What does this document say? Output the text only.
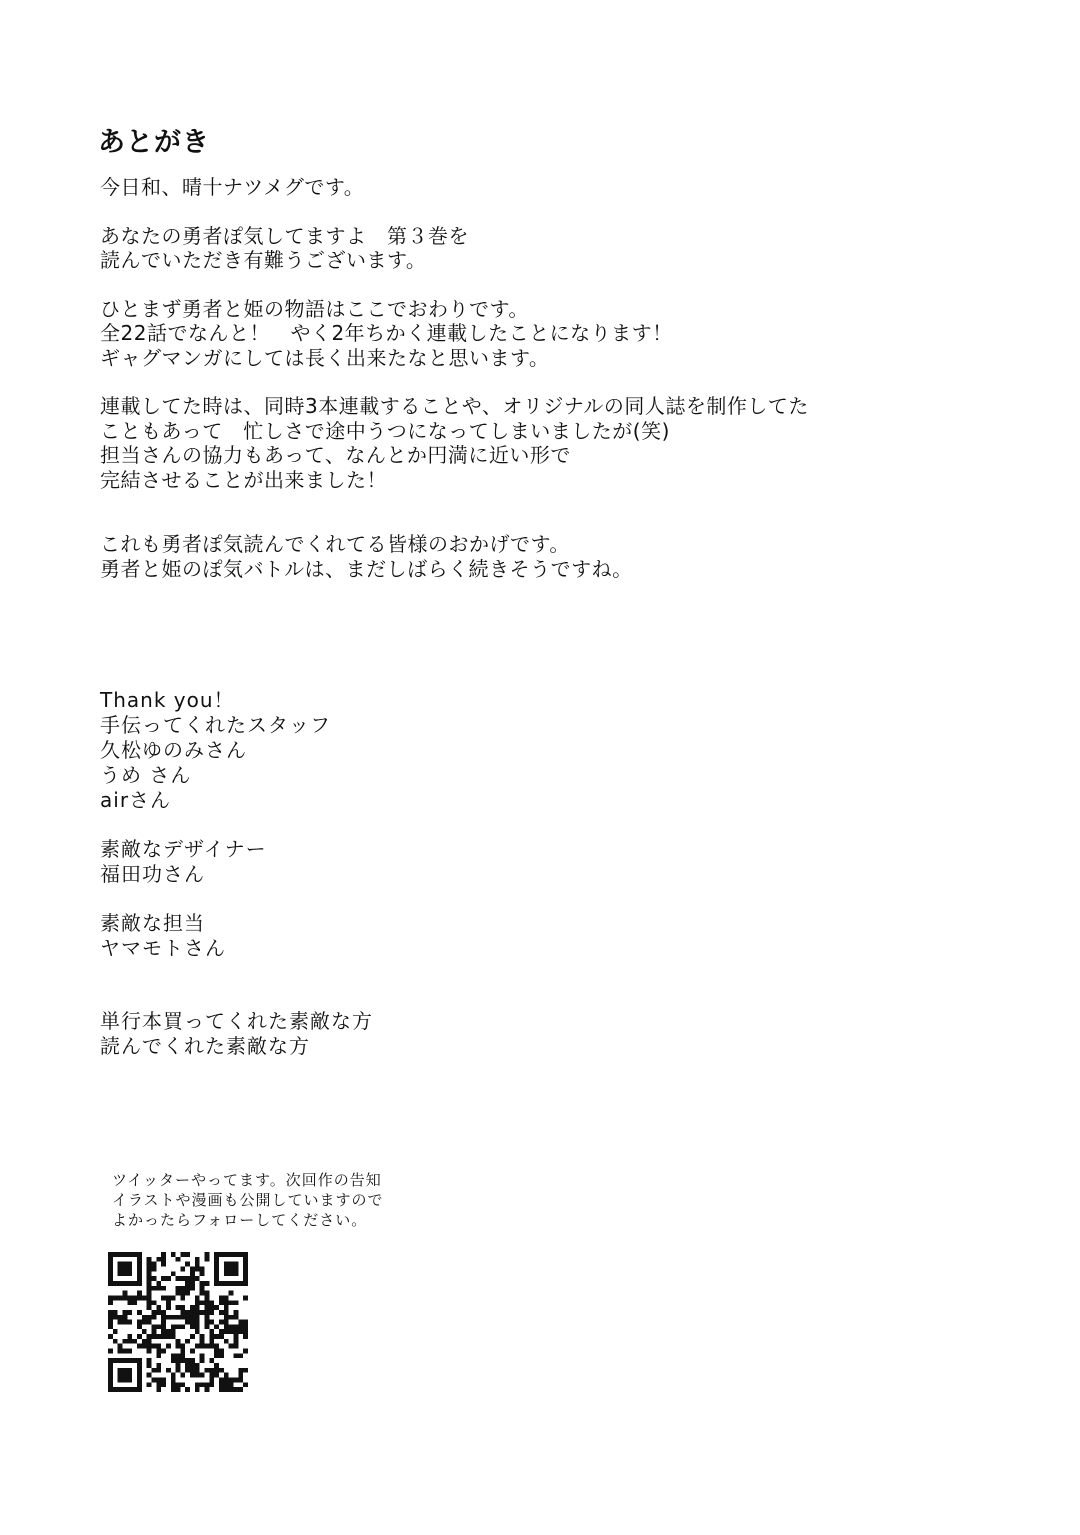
あとがき

今日和、晴十ナツメグです。

あなたの勇者ぽ気してますよ　第３巻を
読んでいただき有難うございます。

ひとまず勇者と姫の物語はここでおわりです。
全22話でなんと！　やく2年ちかく連載したことになります！
ギャグマンガにしては長く出来たなと思います。

連載してた時は、同時3本連載することや、オリジナルの同人誌を制作してた
こともあって　忙しさで途中うつになってしまいましたが(笑)
担当さんの協力もあって、なんとか円満に近い形で
完結させることが出来ました！

これも勇者ぽ気読んでくれてる皆様のおかげです。
勇者と姫のぽ気バトルは、まだしばらく続きそうですね。

Thank you！
手伝ってくれたスタッフ
久松ゆのみさん
うめ さん
airさん

素敵なデザイナー
福田功さん

素敵な担当
ヤマモトさん

単行本買ってくれた素敵な方
読んでくれた素敵な方

ツイッターやってます。次回作の告知
イラストや漫画も公開していますので
よかったらフォローしてください。
